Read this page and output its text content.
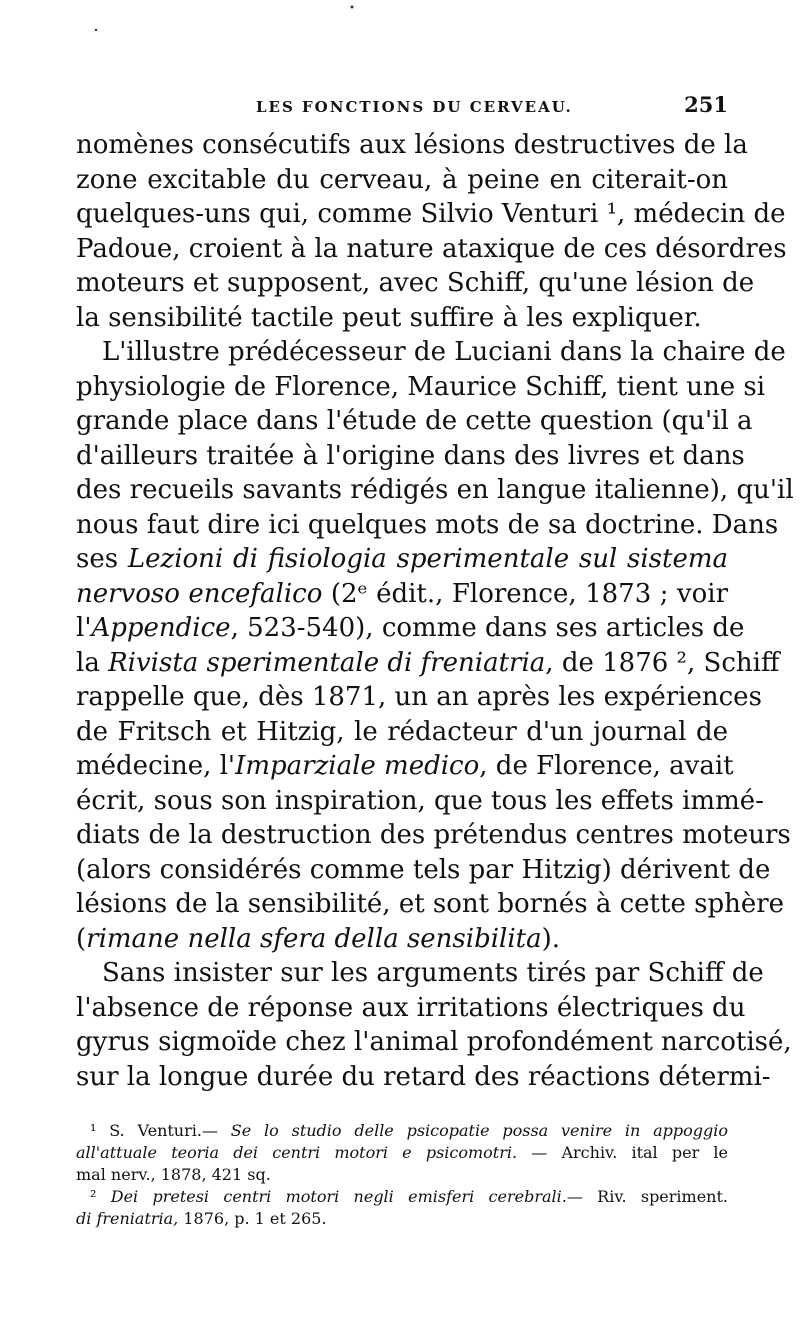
LES FONCTIONS DU CERVEAU.	251
nomènes consécutifs aux lésions destructives de la
zone excitable du cerveau, à peine en citerait-on
quelques-uns qui, comme Silvio Venturi ¹, médecin de
Padoue, croient à la nature ataxique de ces désordres
moteurs et supposent, avec Schiff, qu'une lésion de
la sensibilité tactile peut suffire à les expliquer.
L'illustre prédécesseur de Luciani dans la chaire de
physiologie de Florence, Maurice Schiff, tient une si
grande place dans l'étude de cette question (qu'il a
d'ailleurs traitée à l'origine dans des livres et dans
des recueils savants rédigés en langue italienne), qu'il
nous faut dire ici quelques mots de sa doctrine. Dans
ses Lezioni di fisiologia sperimentale sul sistema
nervoso encefalico (2ᵉ édit., Florence, 1873 ; voir
l'Appendice, 523-540), comme dans ses articles de
la Rivista sperimentale di freniatria, de 1876 ², Schiff
rappelle que, dès 1871, un an après les expériences
de Fritsch et Hitzig, le rédacteur d'un journal de
médecine, l'Imparziale medico, de Florence, avait
écrit, sous son inspiration, que tous les effets immé-
diats de la destruction des prétendus centres moteurs
(alors considérés comme tels par Hitzig) dérivent de
lésions de la sensibilité, et sont bornés à cette sphère
(rimane nella sfera della sensibilita).
Sans insister sur les arguments tirés par Schiff de
l'absence de réponse aux irritations électriques du
gyrus sigmoïde chez l'animal profondément narcotisé,
sur la longue durée du retard des réactions détermi-
¹ S. Venturi.— Se lo studio delle psicopatie possa venire in appoggio
all'attuale teoria dei centri motori e psicomotri. — Archiv. ital per le
mal nerv., 1878, 421 sq.
² Dei pretesi centri motori negli emisferi cerebrali.— Riv. speriment.
di freniatria, 1876, p. 1 et 265.
